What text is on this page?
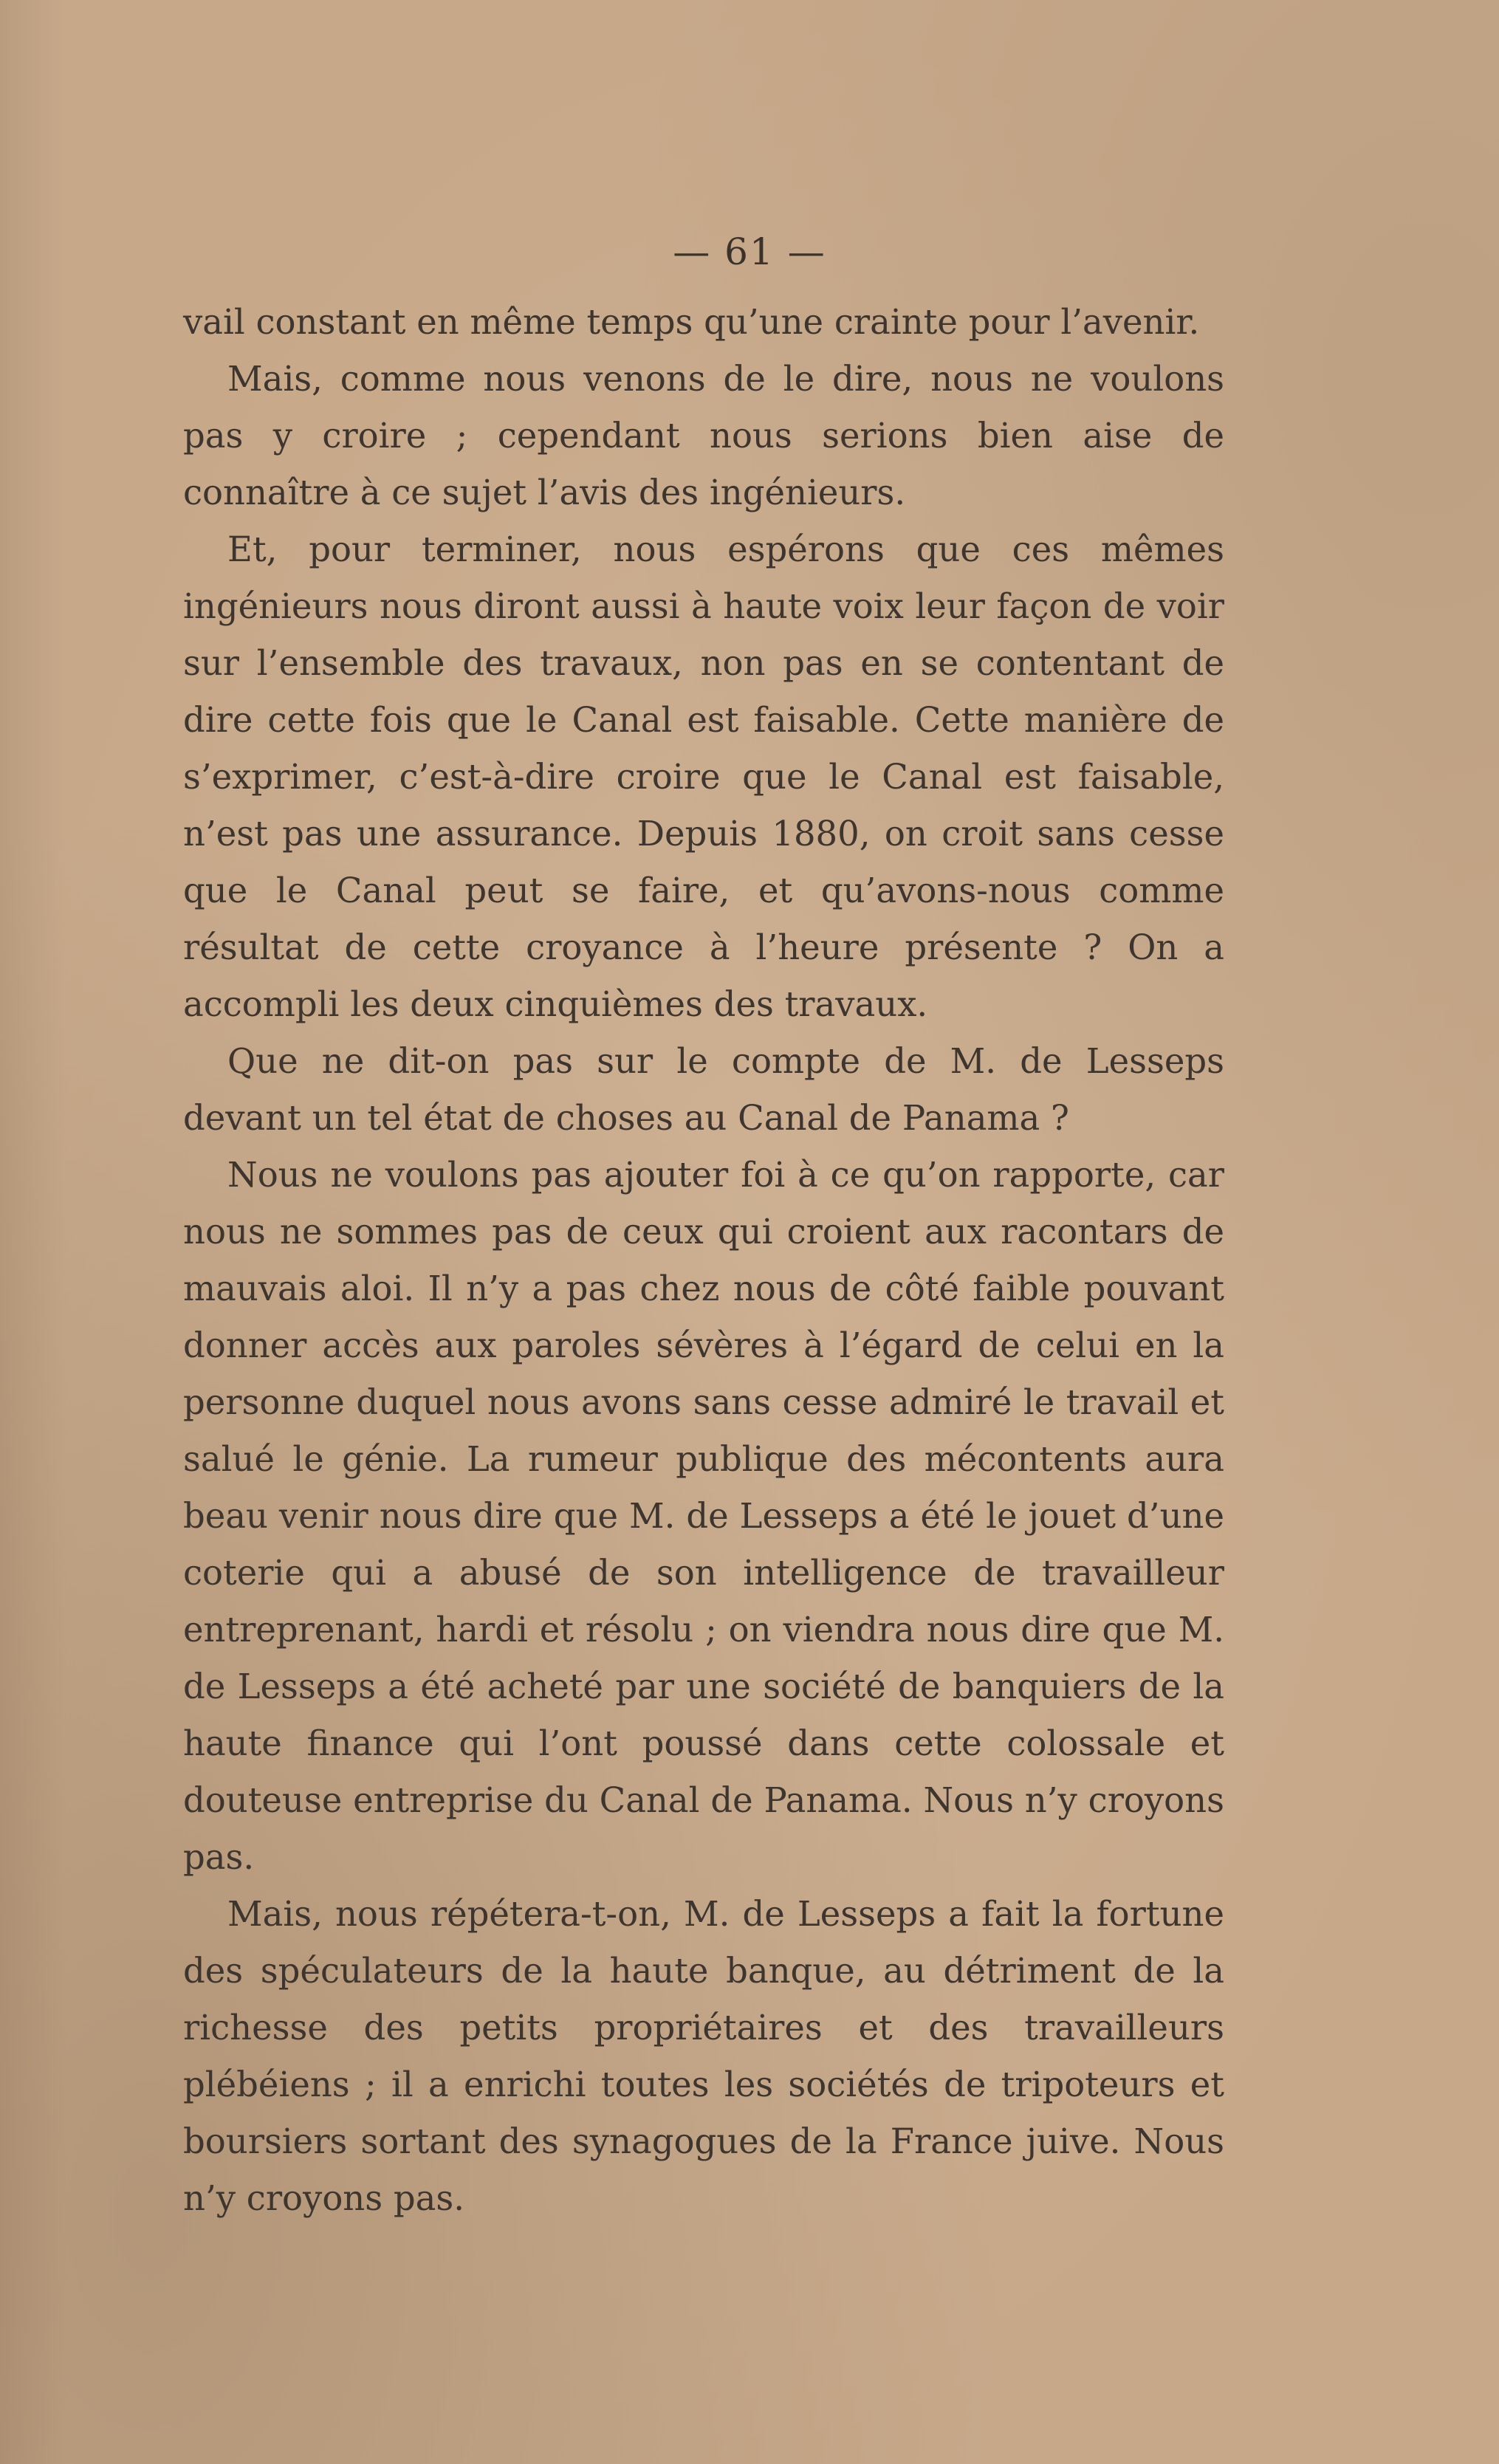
— 61 —

vail constant en même temps qu’une crainte pour l’avenir.

Mais, comme nous venons de le dire, nous ne voulons pas y croire ; cependant nous serions bien aise de connaître à ce sujet l’avis des ingénieurs.

Et, pour terminer, nous espérons que ces mêmes ingénieurs nous diront aussi à haute voix leur façon de voir sur l’ensemble des travaux, non pas en se contentant de dire cette fois que le Canal est faisable. Cette manière de s’exprimer, c’est-à-dire croire que le Canal est faisable, n’est pas une assurance. Depuis 1880, on croit sans cesse que le Canal peut se faire, et qu’avons-nous comme résultat de cette croyance à l’heure présente ? On a accompli les deux cinquièmes des travaux.

Que ne dit-on pas sur le compte de M. de Lesseps devant un tel état de choses au Canal de Panama ?

Nous ne voulons pas ajouter foi à ce qu’on rapporte, car nous ne sommes pas de ceux qui croient aux racontars de mauvais aloi. Il n’y a pas chez nous de côté faible pouvant donner accès aux paroles sévères à l’égard de celui en la personne duquel nous avons sans cesse admiré le travail et salué le génie. La rumeur publique des mécontents aura beau venir nous dire que M. de Lesseps a été le jouet d’une coterie qui a abusé de son intelligence de travailleur entreprenant, hardi et résolu ; on viendra nous dire que M. de Lesseps a été acheté par une société de banquiers de la haute finance qui l’ont poussé dans cette colossale et douteuse entreprise du Canal de Panama. Nous n’y croyons pas.

Mais, nous répétera-t-on, M. de Lesseps a fait la fortune des spéculateurs de la haute banque, au détriment de la richesse des petits propriétaires et des travailleurs plébéiens ; il a enrichi toutes les sociétés de tripoteurs et boursiers sortant des synagogues de la France juive. Nous n’y croyons pas.
